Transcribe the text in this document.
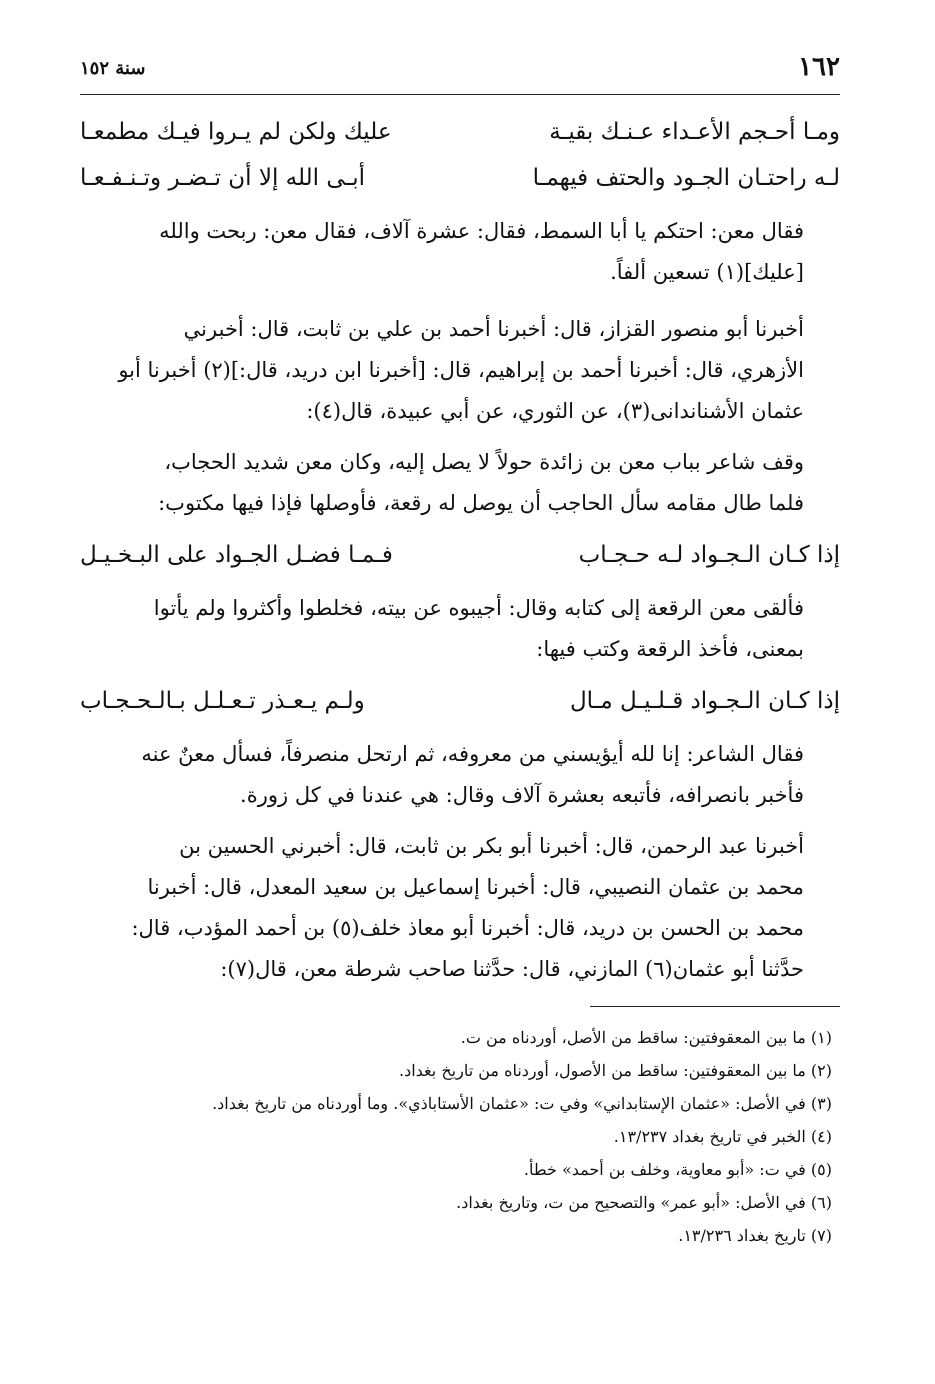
١٦٢
سنة ١٥٢
ومـا أحـجم الأعـداء عـنـك بقيـة
عليك ولكن لم يـروا فيـك مطمعـا
لـه راحتـان الجـود والحتف فيهمـا
أبـى الله إلا أن تـضـر وتـنـفـعـا
فقال معن: احتكم يا أبا السمط، فقال: عشرة آلاف، فقال معن: ربحت والله
[عليك](١) تسعين ألفاً.
أخبرنا أبو منصور القزاز، قال: أخبرنا أحمد بن علي بن ثابت، قال: أخبرني
الأزهري، قال: أخبرنا أحمد بن إبراهيم، قال: [أخبرنا ابن دريد، قال:](٢) أخبرنا أبو
عثمان الأشناندانى(٣)، عن الثوري، عن أبي عبيدة، قال(٤):
وقف شاعر بباب معن بن زائدة حولاً لا يصل إليه، وكان معن شديد الحجاب،
فلما طال مقامه سأل الحاجب أن يوصل له رقعة، فأوصلها فإذا فيها مكتوب:
إذا كـان الـجـواد لـه حـجـاب
فـمـا فضـل الجـواد على البـخـيـل
فألقى معن الرقعة إلى كتابه وقال: أجيبوه عن بيته، فخلطوا وأكثروا ولم يأتوا
بمعنى، فأخذ الرقعة وكتب فيها:
إذا كـان الـجـواد قـلـيـل مـال
ولـم يـعـذر تـعـلـل بـالـحـجـاب
فقال الشاعر: إنا لله أيؤيسني من معروفه، ثم ارتحل منصرفاً، فسأل معنٌ عنه
فأخبر بانصرافه، فأتبعه بعشرة آلاف وقال: هي عندنا في كل زورة.
أخبرنا عبد الرحمن، قال: أخبرنا أبو بكر بن ثابت، قال: أخبرني الحسين بن
محمد بن عثمان النصيبي، قال: أخبرنا إسماعيل بن سعيد المعدل، قال: أخبرنا
محمد بن الحسن بن دريد، قال: أخبرنا أبو معاذ خلف(٥) بن أحمد المؤدب، قال:
حدَّثنا أبو عثمان(٦) المازني، قال: حدَّثنا صاحب شرطة معن، قال(٧):
(١) ما بين المعقوفتين: ساقط من الأصل، أوردناه من ت.
(٢) ما بين المعقوفتين: ساقط من الأصول، أوردناه من تاريخ بغداد.
(٣) في الأصل: «عثمان الإستابداني» وفي ت: «عثمان الأستاباذي». وما أوردناه من تاريخ بغداد.
(٤) الخبر في تاريخ بغداد ١٣/٢٣٧.
(٥) في ت: «أبو معاوية، وخلف بن أحمد» خطأ.
(٦) في الأصل: «أبو عمر» والتصحيح من ت، وتاريخ بغداد.
(٧) تاريخ بغداد ١٣/٢٣٦.
